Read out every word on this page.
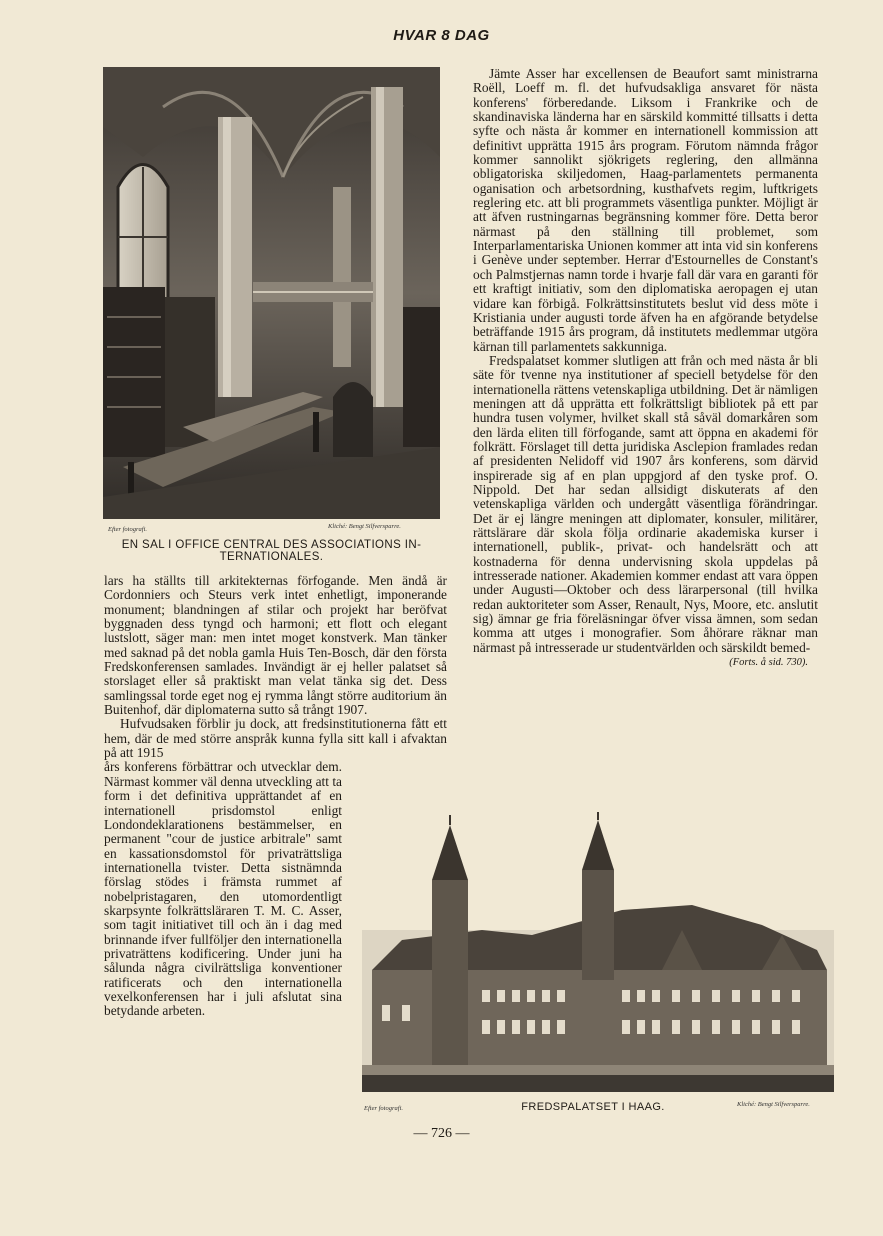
HVAR 8 DAG
Efter fotografi.	Kliché: Bengt Silfversparre.
EN SAL I OFFICE CENTRAL DES ASSOCIATIONS IN-
TERNATIONALES.

Jämte Asser har excellensen de Beaufort samt ministrarna Roëll, Loeff m. fl. det hufvudsakliga ansvaret för nästa konferens' förberedande. Liksom i Frankrike och de skandinaviska länderna har en särskild kommitté tillsatts i detta syfte och nästa år kommer en internationell kommission att definitivt upprätta 1915 års program. Förutom nämnda frågor kommer sannolikt sjökrigets reglering, den allmänna obligatoriska skiljedomen, Haag-parlamentets permanenta oganisation och arbetsordning, kusthafvets regim, luftkrigets reglering etc. att bli programmets väsentliga punkter. Möjligt är att äfven rustningarnas begränsning kommer före. Detta beror närmast på den ställning till problemet, som Interparlamentariska Unionen kommer att inta vid sin konferens i Genève under september. Herrar d'Estournelles de Constant's och Palmstjernas namn torde i hvarje fall där vara en garanti för ett kraftigt initiativ, som den diplomatiska aeropagen ej utan vidare kan förbigå. Folkrättsinstitutets beslut vid dess möte i Kristiania under augusti torde äfven ha en afgörande betydelse beträffande 1915 års program, då institutets medlemmar utgöra kärnan till parlamentets sakkunniga.

Fredspalatset kommer slutligen att från och med nästa år bli säte för tvenne nya institutioner af speciell betydelse för den internationella rättens vetenskapliga utbildning. Det är nämligen meningen att då upprätta ett folkrättsligt bibliotek på ett par hundra tusen volymer, hvilket skall stå såväl domarkåren som den lärda eliten till förfogande, samt att öppna en akademi för folkrätt. Förslaget till detta juridiska Asclepion framlades redan af presidenten Nelidoff vid 1907 års konferens, som därvid inspirerade sig af en plan uppgjord af den tyske prof. O. Nippold. Det har sedan allsidigt diskuterats af den vetenskapliga världen och undergått väsentliga förändringar. Det är ej längre meningen att diplomater, konsuler, militärer, rättslärare där skola följa ordinarie akademiska kurser i internationell, publik-, privat- och handelsrätt och att kostnaderna för denna undervisning skola uppdelas på intresserade nationer. Akademien kommer endast att vara öppen under Augusti—Oktober och dess lärarpersonal (till hvilka redan auktoriteter som Asser, Renault, Nys, Moore, etc. anslutit sig) ämnar ge fria föreläsningar öfver vissa ämnen, som sedan komma att utges i monografier. Som åhörare räknar man närmast på intresserade ur studentvärlden och särskildt bemed-

(Forts. å sid. 730).

lars ha ställts till arkitekternas förfogande. Men ändå är Cordonniers och Steurs verk intet enhetligt, imponerande monument; blandningen af stilar och projekt har beröfvat byggnaden dess tyngd och harmoni; ett flott och elegant lustslott, säger man: men intet moget konstverk. Man tänker med saknad på det nobla gamla Huis Ten-Bosch, där den första Fredskonferensen samlades. Invändigt är ej heller palatset så storslaget eller så praktiskt man velat tänka sig det. Dess samlingssal torde eget nog ej rymma långt större auditorium än Buitenhof, där diplomaterna sutto så trångt 1907.

Hufvudsaken förblir ju dock, att fredsinstitutionerna fått ett hem, där de med större anspråk kunna fylla sitt kall i afvaktan på att 1915

års konferens förbättrar och utvecklar dem. Närmast kommer väl denna utveckling att ta form i det definitiva upprättandet af en internationell prisdomstol enligt Londondeklarationens bestämmelser, en permanent "cour de justice arbitrale" samt en kassationsdomstol för privaträttsliga internationella tvister. Detta sistnämnda förslag stödes i främsta rummet af nobelpristagaren, den utomordentligt skarpsynte folkrättsläraren T. M. C. Asser, som tagit initiativet till och än i dag med brinnande ifver fullföljer den internationella privaträttens kodificering. Under juni ha sålunda några civilrättsliga konventioner ratificerats och den internationella vexelkonferensen har i juli afslutat sina betydande arbeten.
Efter fotografi.	FREDSPALATSET I HAAG.	Kliché: Bengt Silfversparre.
— 726 —
